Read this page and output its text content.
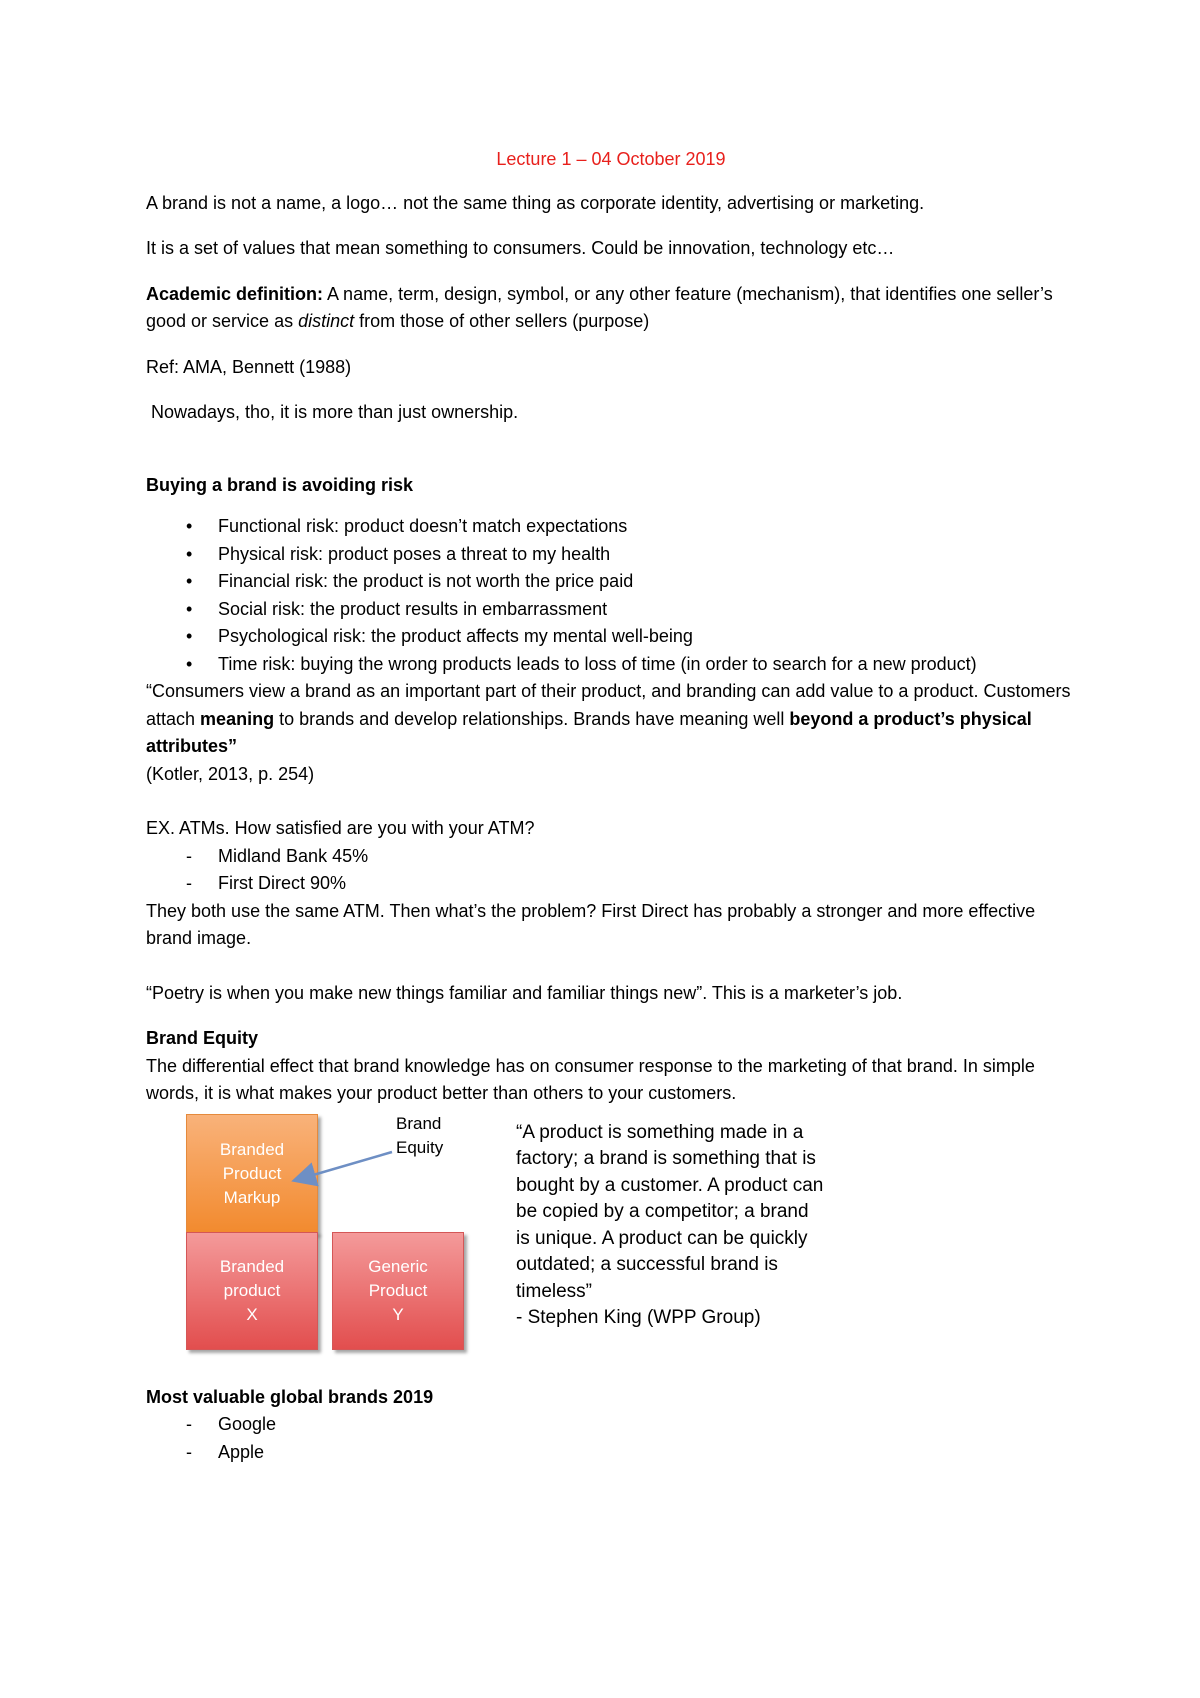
Lecture 1 – 04 October 2019

A brand is not a name, a logo… not the same thing as corporate identity, advertising or marketing.

It is a set of values that mean something to consumers. Could be innovation, technology etc…

Academic definition: A name, term, design, symbol, or any other feature (mechanism), that identifies one seller’s good or service as distinct from those of other sellers (purpose)

Ref: AMA, Bennett (1988)

Nowadays, tho, it is more than just ownership.

Buying a brand is avoiding risk
• Functional risk: product doesn’t match expectations
• Physical risk: product poses a threat to my health
• Financial risk: the product is not worth the price paid
• Social risk: the product results in embarrassment
• Psychological risk: the product affects my mental well-being
• Time risk: buying the wrong products leads to loss of time (in order to search for a new product)
“Consumers view a brand as an important part of their product, and branding can add value to a product. Customers attach meaning to brands and develop relationships. Brands have meaning well beyond a product’s physical attributes”
(Kotler, 2013, p. 254)
EX. ATMs. How satisfied are you with your ATM?
- Midland Bank 45%
- First Direct 90%
They both use the same ATM. Then what’s the problem? First Direct has probably a stronger and more effective brand image.

“Poetry is when you make new things familiar and familiar things new”. This is a marketer’s job.

Brand Equity
The differential effect that brand knowledge has on consumer response to the marketing of that brand. In simple words, it is what makes your product better than others to your customers.
Branded
Product
Markup
Branded
product
X
Generic
Product
Y
Brand
Equity
“A product is something made in a
factory; a brand is something that is
bought by a customer. A product can
be copied by a competitor; a brand
is unique. A product can be quickly
outdated; a successful brand is
timeless”
- Stephen King (WPP Group)
Most valuable global brands 2019
- Google
- Apple
